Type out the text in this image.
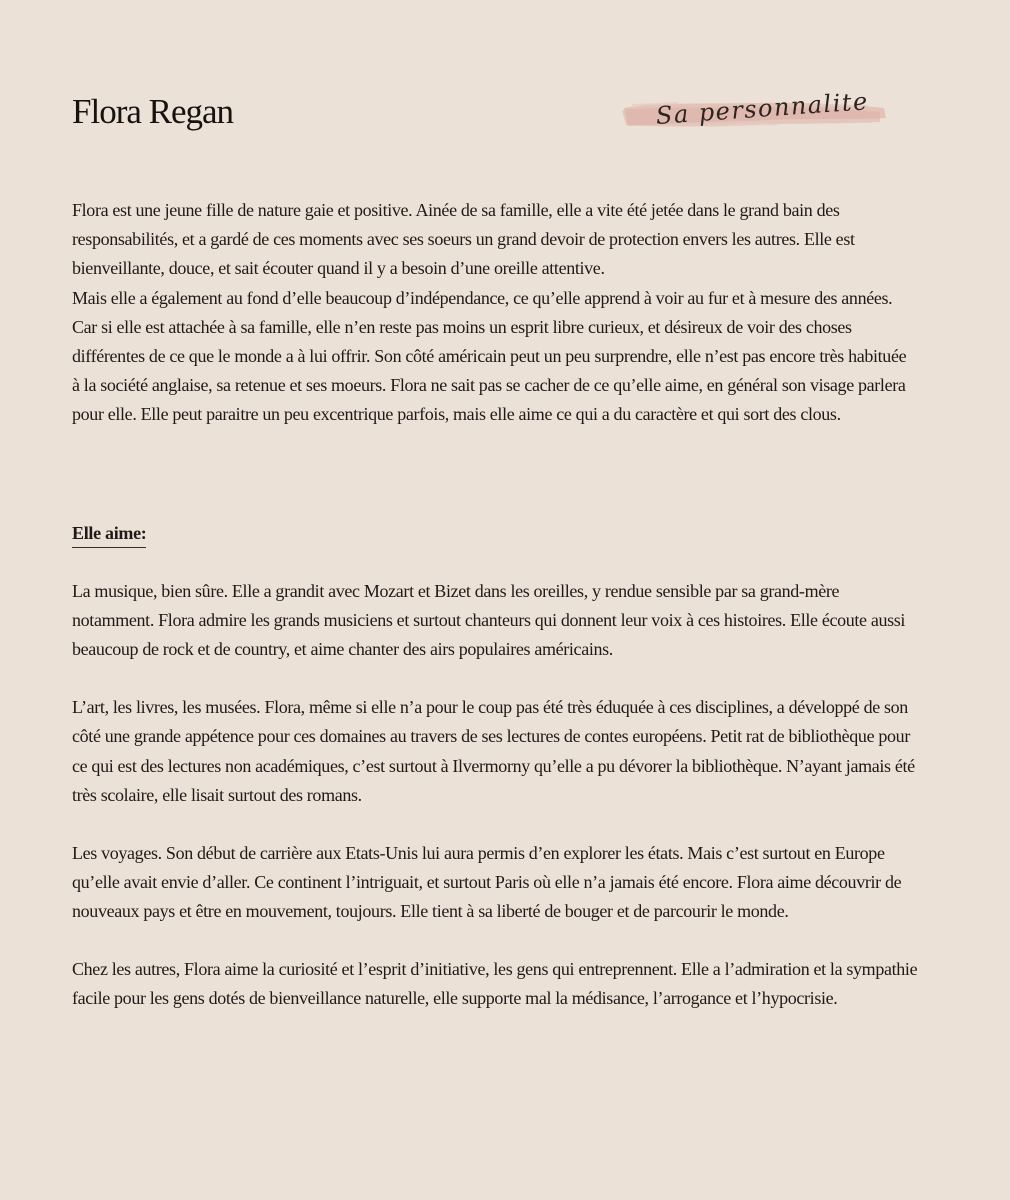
Flora Regan	Sa personnalite

Flora est une jeune fille de nature gaie et positive. Ainée de sa famille, elle a vite été jetée dans le grand bain des responsabilités, et a gardé de ces moments avec ses soeurs un grand devoir de protection envers les autres. Elle est bienveillante, douce, et sait écouter quand il y a besoin d’une oreille attentive.

Mais elle a également au fond d’elle beaucoup d’indépendance, ce qu’elle apprend à voir au fur et à mesure des années. Car si elle est attachée à sa famille, elle n’en reste pas moins un esprit libre curieux, et désireux de voir des choses différentes de ce que le monde a à lui offrir. Son côté américain peut un peu surprendre, elle n’est pas encore très habituée à la société anglaise, sa retenue et ses moeurs. Flora ne sait pas se cacher de ce qu’elle aime, en général son visage parlera pour elle. Elle peut paraitre un peu excentrique parfois, mais elle aime ce qui a du caractère et qui sort des clous.

Elle aime:

La musique, bien sûre. Elle a grandit avec Mozart et Bizet dans les oreilles, y rendue sensible par sa grand-mère notamment. Flora admire les grands musiciens et surtout chanteurs qui donnent leur voix à ces histoires. Elle écoute aussi beaucoup de rock et de country, et aime chanter des airs populaires américains.

L’art, les livres, les musées. Flora, même si elle n’a pour le coup pas été très éduquée à ces disciplines, a développé de son côté une grande appétence pour ces domaines au travers de ses lectures de contes européens. Petit rat de bibliothèque pour ce qui est des lectures non académiques, c’est surtout à Ilvermorny qu’elle a pu dévorer la bibliothèque. N’ayant jamais été très scolaire, elle lisait surtout des romans.

Les voyages. Son début de carrière aux Etats-Unis lui aura permis d’en explorer les états. Mais c’est surtout en Europe qu’elle avait envie d’aller. Ce continent l’intriguait, et surtout Paris où elle n’a jamais été encore. Flora aime découvrir de nouveaux pays et être en mouvement, toujours. Elle tient à sa liberté de bouger et de parcourir le monde.

Chez les autres, Flora aime la curiosité et l’esprit d’initiative, les gens qui entreprennent. Elle a l’admiration et la sympathie facile pour les gens dotés de bienveillance naturelle, elle supporte mal la médisance, l’arrogance et l’hypocrisie.
